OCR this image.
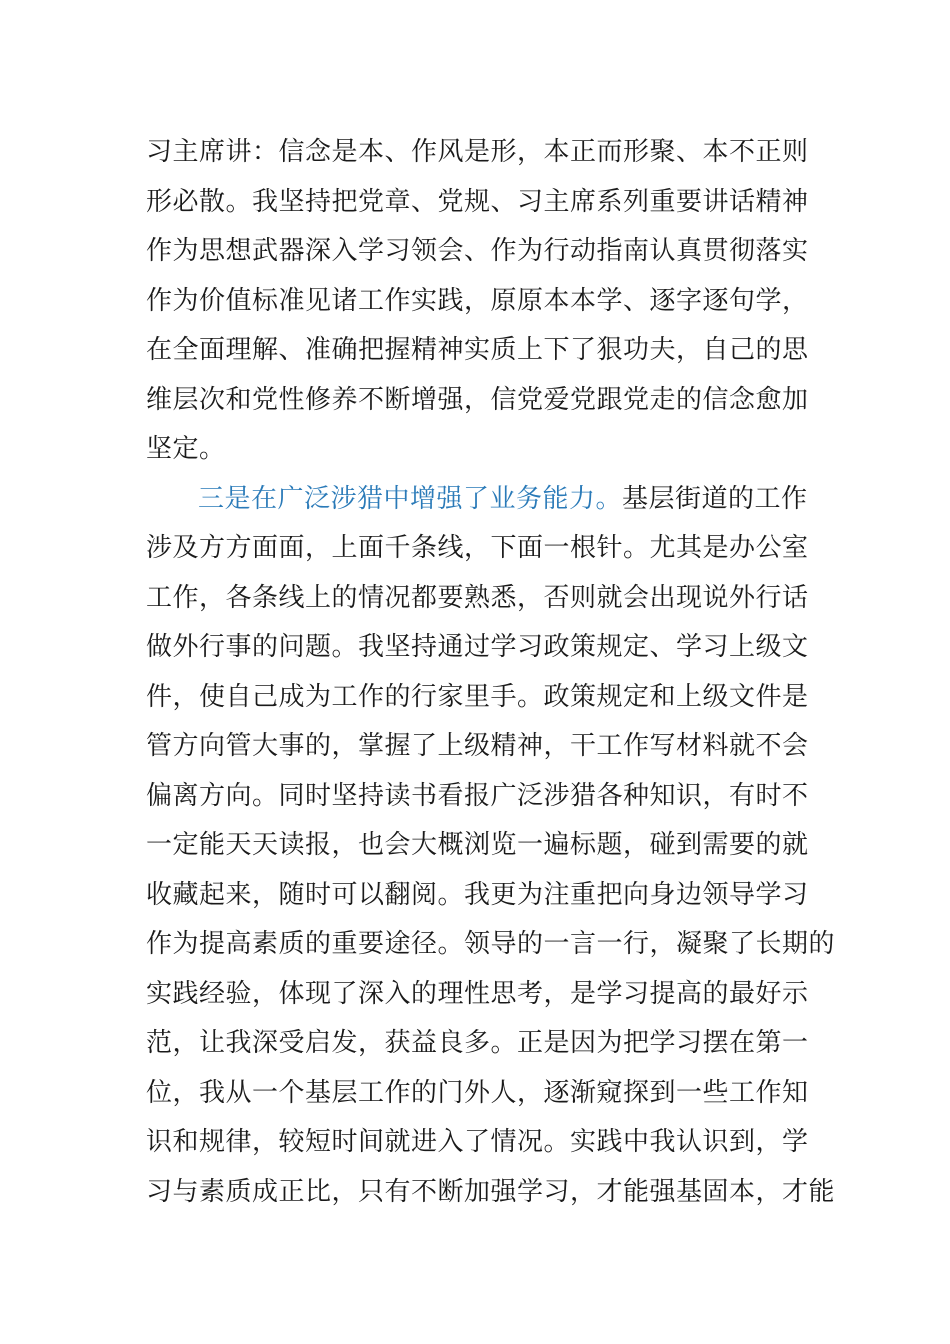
习主席讲：信念是本、作风是形，本正而形聚、本不正则
形必散。我坚持把党章、党规、习主席系列重要讲话精神
作为思想武器深入学习领会、作为行动指南认真贯彻落实
作为价值标准见诸工作实践，原原本本学、逐字逐句学，
在全面理解、准确把握精神实质上下了狠功夫，自己的思
维层次和党性修养不断增强，信党爱党跟党走的信念愈加
坚定。
三是在广泛涉猎中增强了业务能力。基层街道的工作
涉及方方面面，上面千条线，下面一根针。尤其是办公室
工作，各条线上的情况都要熟悉，否则就会出现说外行话
做外行事的问题。我坚持通过学习政策规定、学习上级文
件，使自己成为工作的行家里手。政策规定和上级文件是
管方向管大事的，掌握了上级精神，干工作写材料就不会
偏离方向。同时坚持读书看报广泛涉猎各种知识，有时不
一定能天天读报，也会大概浏览一遍标题，碰到需要的就
收藏起来，随时可以翻阅。我更为注重把向身边领导学习
作为提高素质的重要途径。领导的一言一行，凝聚了长期的
实践经验，体现了深入的理性思考，是学习提高的最好示
范，让我深受启发，获益良多。正是因为把学习摆在第一
位，我从一个基层工作的门外人，逐渐窥探到一些工作知
识和规律，较短时间就进入了情况。实践中我认识到，学
习与素质成正比，只有不断加强学习，才能强基固本，才能
